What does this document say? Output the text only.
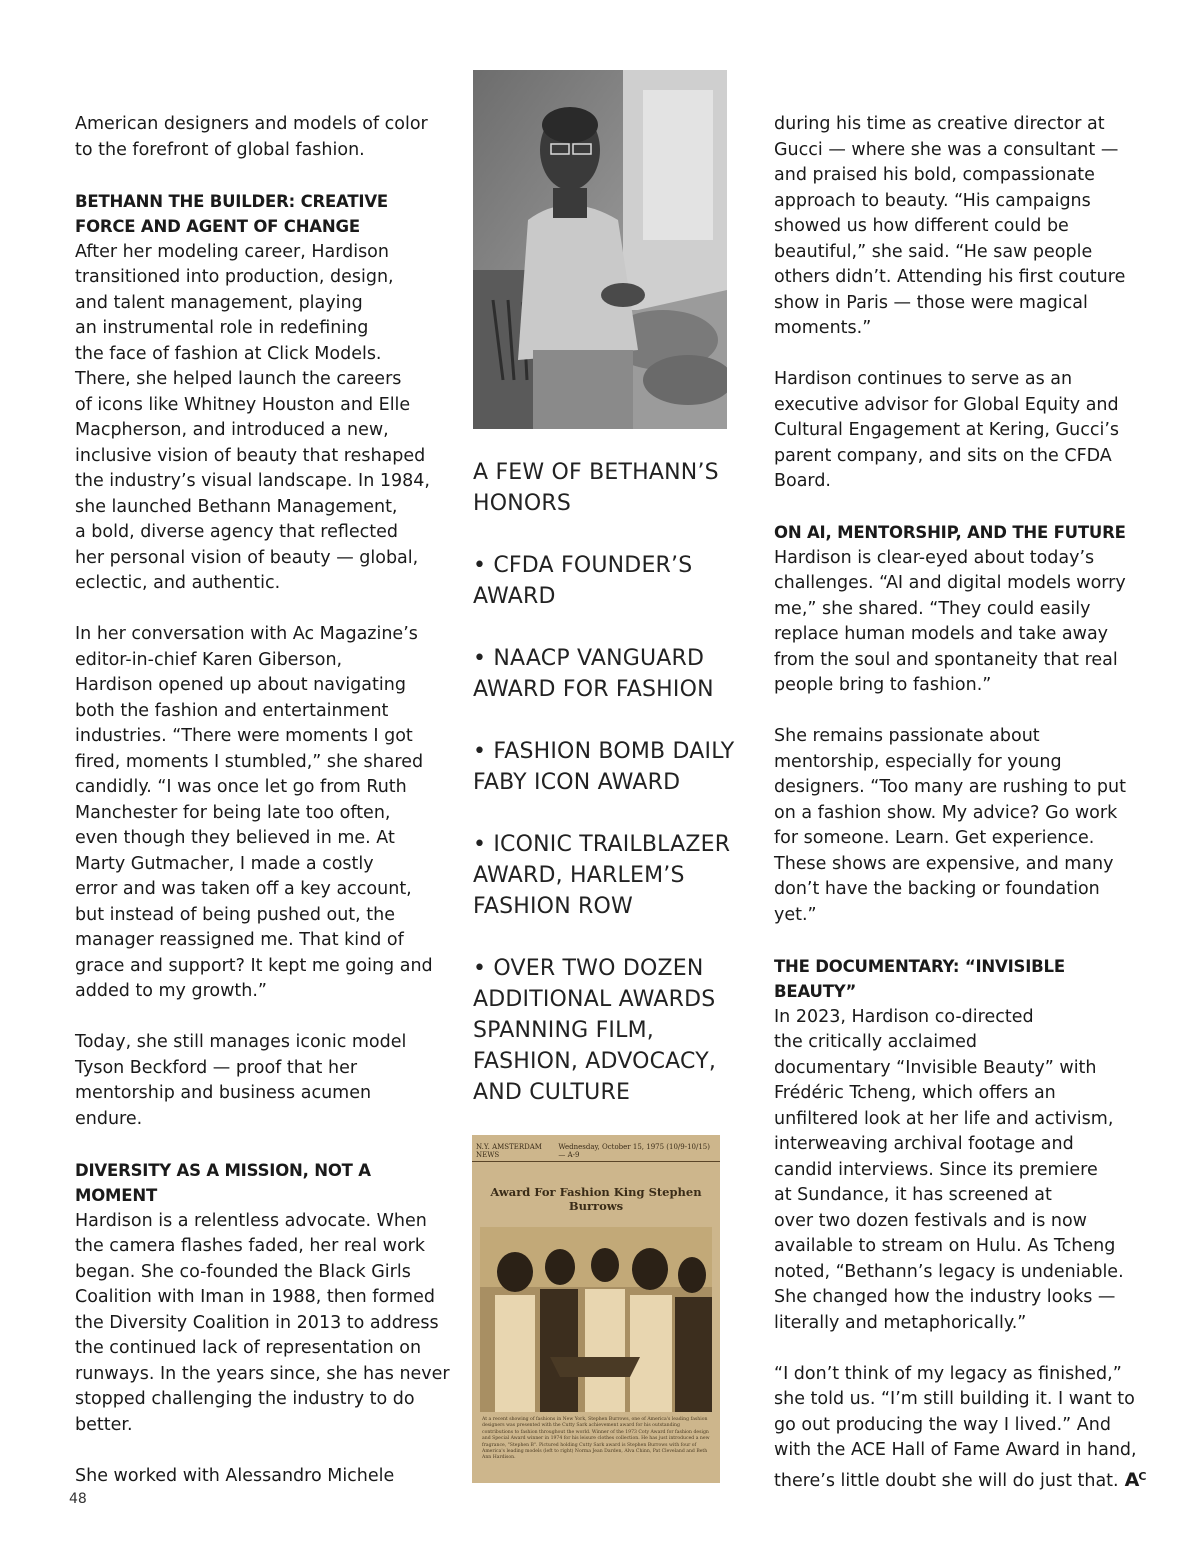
American designers and models of color
to the forefront of global fashion.

BETHANN THE BUILDER: CREATIVE
FORCE AND AGENT OF CHANGE

After her modeling career, Hardison
transitioned into production, design,
and talent management, playing
an instrumental role in redefining
the face of fashion at Click Models.
There, she helped launch the careers
of icons like Whitney Houston and Elle
Macpherson, and introduced a new,
inclusive vision of beauty that reshaped
the industry’s visual landscape. In 1984,
she launched Bethann Management,
a bold, diverse agency that reflected
her personal vision of beauty — global,
eclectic, and authentic.

In her conversation with Ac Magazine’s
editor-in-chief Karen Giberson,
Hardison opened up about navigating
both the fashion and entertainment
industries. “There were moments I got
fired, moments I stumbled,” she shared
candidly. “I was once let go from Ruth
Manchester for being late too often,
even though they believed in me. At
Marty Gutmacher, I made a costly
error and was taken off a key account,
but instead of being pushed out, the
manager reassigned me. That kind of
grace and support? It kept me going and
added to my growth.”

Today, she still manages iconic model
Tyson Beckford — proof that her
mentorship and business acumen
endure.

DIVERSITY AS A MISSION, NOT A
MOMENT

Hardison is a relentless advocate. When
the camera flashes faded, her real work
began. She co-founded the Black Girls
Coalition with Iman in 1988, then formed
the Diversity Coalition in 2013 to address
the continued lack of representation on
runways. In the years since, she has never
stopped challenging the industry to do
better.

She worked with Alessandro Michele

A FEW OF BETHANN’S
HONORS
• CFDA FOUNDER’S
AWARD
• NAACP VANGUARD
AWARD FOR FASHION
• FASHION BOMB DAILY
FABY ICON AWARD
• ICONIC TRAILBLAZER
AWARD, HARLEM’S
FASHION ROW
• OVER TWO DOZEN
ADDITIONAL AWARDS
SPANNING FILM,
FASHION, ADVOCACY,
AND CULTURE
N.Y. AMSTERDAM NEWS
Wednesday, October 15, 1975 (10/9-10/15) — A-9
Award For Fashion King Stephen Burrows
At a recent showing of fashions in New York, Stephen Burrows, one of America's leading fashion designers was presented with the Cutty Sark achievement award for his outstanding contributions to fashion throughout the world. Winner of the 1973 Coty Award for fashion design and Special Award winner in 1974 for his leisure clothes collection. He has just introduced a new fragrance, "Stephen B". Pictured holding Cutty Sark award is Stephen Burrows with four of America's leading models (left to right) Norma Jean Darden, Alva Chinn, Pat Cleveland and Beth Ann Hardison.

during his time as creative director at
Gucci — where she was a consultant —
and praised his bold, compassionate
approach to beauty. “His campaigns
showed us how different could be
beautiful,” she said. “He saw people
others didn’t. Attending his first couture
show in Paris — those were magical
moments.”

Hardison continues to serve as an
executive advisor for Global Equity and
Cultural Engagement at Kering, Gucci’s
parent company, and sits on the CFDA
Board.

ON AI, MENTORSHIP, AND THE FUTURE

Hardison is clear-eyed about today’s
challenges. “AI and digital models worry
me,” she shared. “They could easily
replace human models and take away
from the soul and spontaneity that real
people bring to fashion.”

She remains passionate about
mentorship, especially for young
designers. “Too many are rushing to put
on a fashion show. My advice? Go work
for someone. Learn. Get experience.
These shows are expensive, and many
don’t have the backing or foundation
yet.”

THE DOCUMENTARY: “INVISIBLE
BEAUTY”

In 2023, Hardison co-directed
the critically acclaimed
documentary “Invisible Beauty” with
Frédéric Tcheng, which offers an
unfiltered look at her life and activism,
interweaving archival footage and
candid interviews. Since its premiere
at Sundance, it has screened at
over two dozen festivals and is now
available to stream on Hulu. As Tcheng
noted, “Bethann’s legacy is undeniable.
She changed how the industry looks —
literally and metaphorically.”

“I don’t think of my legacy as finished,”
she told us. “I’m still building it. I want to
go out producing the way I lived.” And
with the ACE Hall of Fame Award in hand,
there’s little doubt she will do just that. $A^C$

48
